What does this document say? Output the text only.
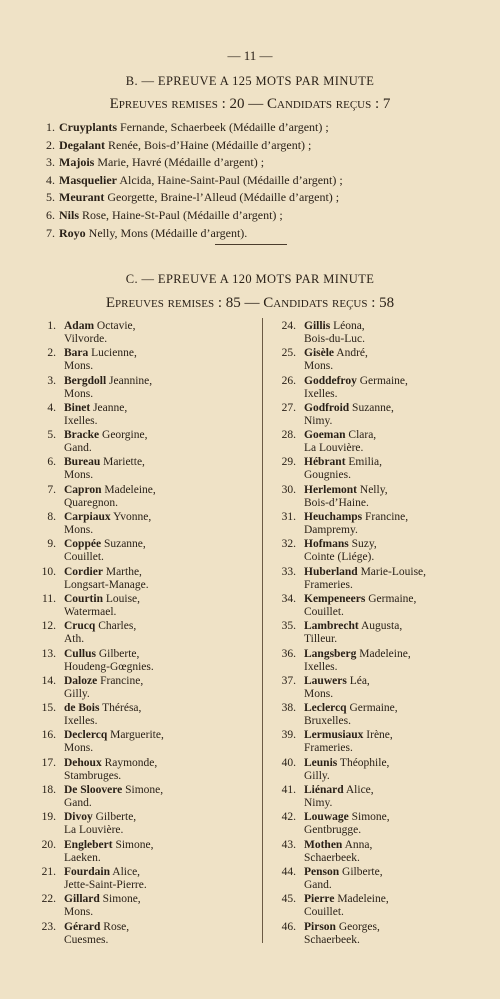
— 11 —
B. — EPREUVE A 125 MOTS PAR MINUTE
Epreuves remises : 20 — Candidats reçus : 7
1. Cruyplants Fernande, Schaerbeek (Médaille d’argent) ;
2. Degalant Renée, Bois-d’Haine (Médaille d’argent) ;
3. Majois Marie, Havré (Médaille d’argent) ;
4. Masquelier Alcida, Haine-Saint-Paul (Médaille d’argent) ;
5. Meurant Georgette, Braine-l’Alleud (Médaille d’argent) ;
6. Nils Rose, Haine-St-Paul (Médaille d’argent) ;
7. Royo Nelly, Mons (Médaille d’argent).
C. — EPREUVE A 120 MOTS PAR MINUTE
Epreuves remises : 85 — Candidats reçus : 58
1. Adam Octavie,
Vilvorde.
2. Bara Lucienne,
Mons.
3. Bergdoll Jeannine,
Mons.
4. Binet Jeanne,
Ixelles.
5. Bracke Georgine,
Gand.
6. Bureau Mariette,
Mons.
7. Capron Madeleine,
Quaregnon.
8. Carpiaux Yvonne,
Mons.
9. Coppée Suzanne,
Couillet.
10. Cordier Marthe,
Longsart-Manage.
11. Courtin Louise,
Watermael.
12. Crucq Charles,
Ath.
13. Cullus Gilberte,
Houdeng-Gœgnies.
14. Daloze Francine,
Gilly.
15. de Bois Thérésa,
Ixelles.
16. Declercq Marguerite,
Mons.
17. Dehoux Raymonde,
Stambruges.
18. De Sloovere Simone,
Gand.
19. Divoy Gilberte,
La Louvière.
20. Englebert Simone,
Laeken.
21. Fourdain Alice,
Jette-Saint-Pierre.
22. Gillard Simone,
Mons.
23. Gérard Rose,
Cuesmes.
24. Gillis Léona,
Bois-du-Luc.
25. Gisèle André,
Mons.
26. Goddefroy Germaine,
Ixelles.
27. Godfroid Suzanne,
Nimy.
28. Goeman Clara,
La Louvière.
29. Hébrant Emilia,
Gougnies.
30. Herlemont Nelly,
Bois-d’Haine.
31. Heuchamps Francine,
Dampremy.
32. Hofmans Suzy,
Cointe (Liége).
33. Huberland Marie-Louise,
Frameries.
34. Kempeneers Germaine,
Couillet.
35. Lambrecht Augusta,
Tilleur.
36. Langsberg Madeleine,
Ixelles.
37. Lauwers Léa,
Mons.
38. Leclercq Germaine,
Bruxelles.
39. Lermusiaux Irène,
Frameries.
40. Leunis Théophile,
Gilly.
41. Liénard Alice,
Nimy.
42. Louwage Simone,
Gentbrugge.
43. Mothen Anna,
Schaerbeek.
44. Penson Gilberte,
Gand.
45. Pierre Madeleine,
Couillet.
46. Pirson Georges,
Schaerbeek.
